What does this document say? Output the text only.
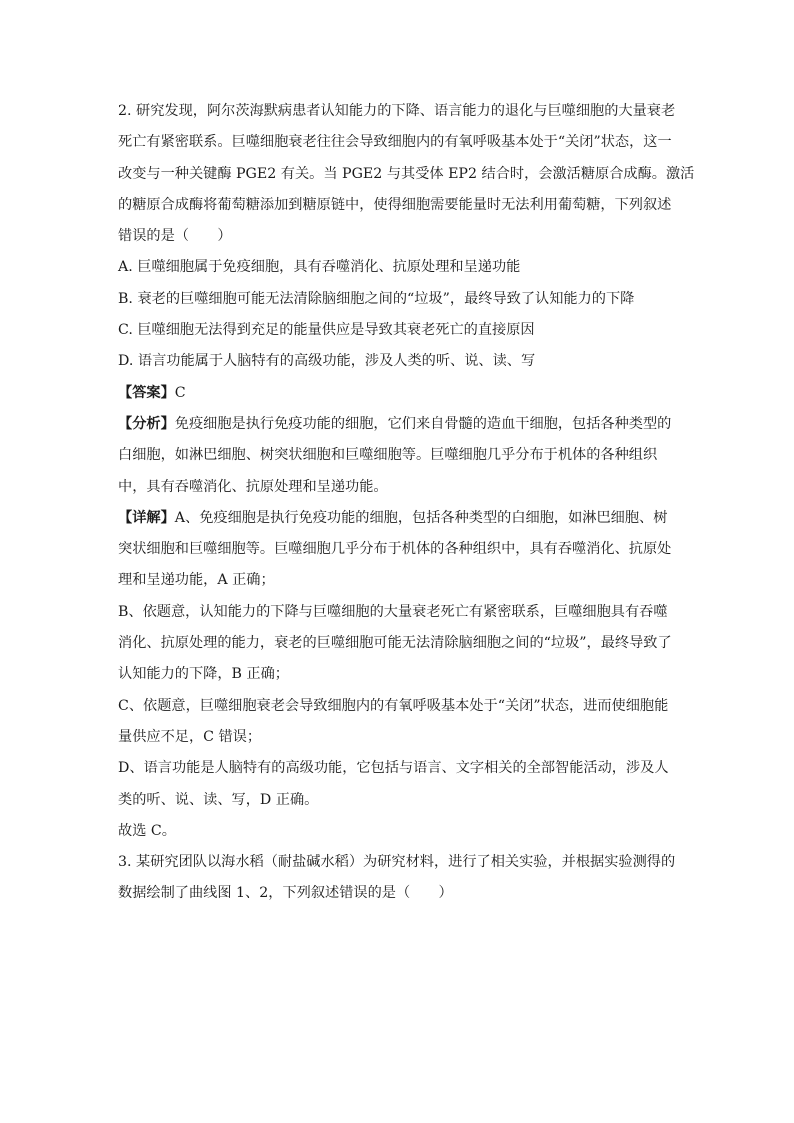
2. 研究发现，阿尔茨海默病患者认知能力的下降、语言能力的退化与巨噬细胞的大量衰老

死亡有紧密联系。巨噬细胞衰老往往会导致细胞内的有氧呼吸基本处于“关闭”状态，这一

改变与一种关键酶 PGE2 有关。当 PGE2 与其受体 EP2 结合时，会激活糖原合成酶。激活

的糖原合成酶将葡萄糖添加到糖原链中，使得细胞需要能量时无法利用葡萄糖，下列叙述

错误的是（　　）

A. 巨噬细胞属于免疫细胞，具有吞噬消化、抗原处理和呈递功能

B. 衰老的巨噬细胞可能无法清除脑细胞之间的“垃圾”，最终导致了认知能力的下降

C. 巨噬细胞无法得到充足的能量供应是导致其衰老死亡的直接原因

D. 语言功能属于人脑特有的高级功能，涉及人类的听、说、读、写

【答案】C

【分析】免疫细胞是执行免疫功能的细胞，它们来自骨髓的造血干细胞，包括各种类型的

白细胞，如淋巴细胞、树突状细胞和巨噬细胞等。巨噬细胞几乎分布于机体的各种组织

中，具有吞噬消化、抗原处理和呈递功能。

【详解】A、免疫细胞是执行免疫功能的细胞，包括各种类型的白细胞，如淋巴细胞、树

突状细胞和巨噬细胞等。巨噬细胞几乎分布于机体的各种组织中，具有吞噬消化、抗原处

理和呈递功能，A 正确；

B、依题意，认知能力的下降与巨噬细胞的大量衰老死亡有紧密联系，巨噬细胞具有吞噬

消化、抗原处理的能力，衰老的巨噬细胞可能无法清除脑细胞之间的“垃圾”，最终导致了

认知能力的下降，B 正确；

C、依题意，巨噬细胞衰老会导致细胞内的有氧呼吸基本处于“关闭”状态，进而使细胞能

量供应不足，C 错误；

D、语言功能是人脑特有的高级功能，它包括与语言、文字相关的全部智能活动，涉及人

类的听、说、读、写，D 正确。

故选 C。

3. 某研究团队以海水稻（耐盐碱水稻）为研究材料，进行了相关实验，并根据实验测得的

数据绘制了曲线图 1、2，下列叙述错误的是（　　）
